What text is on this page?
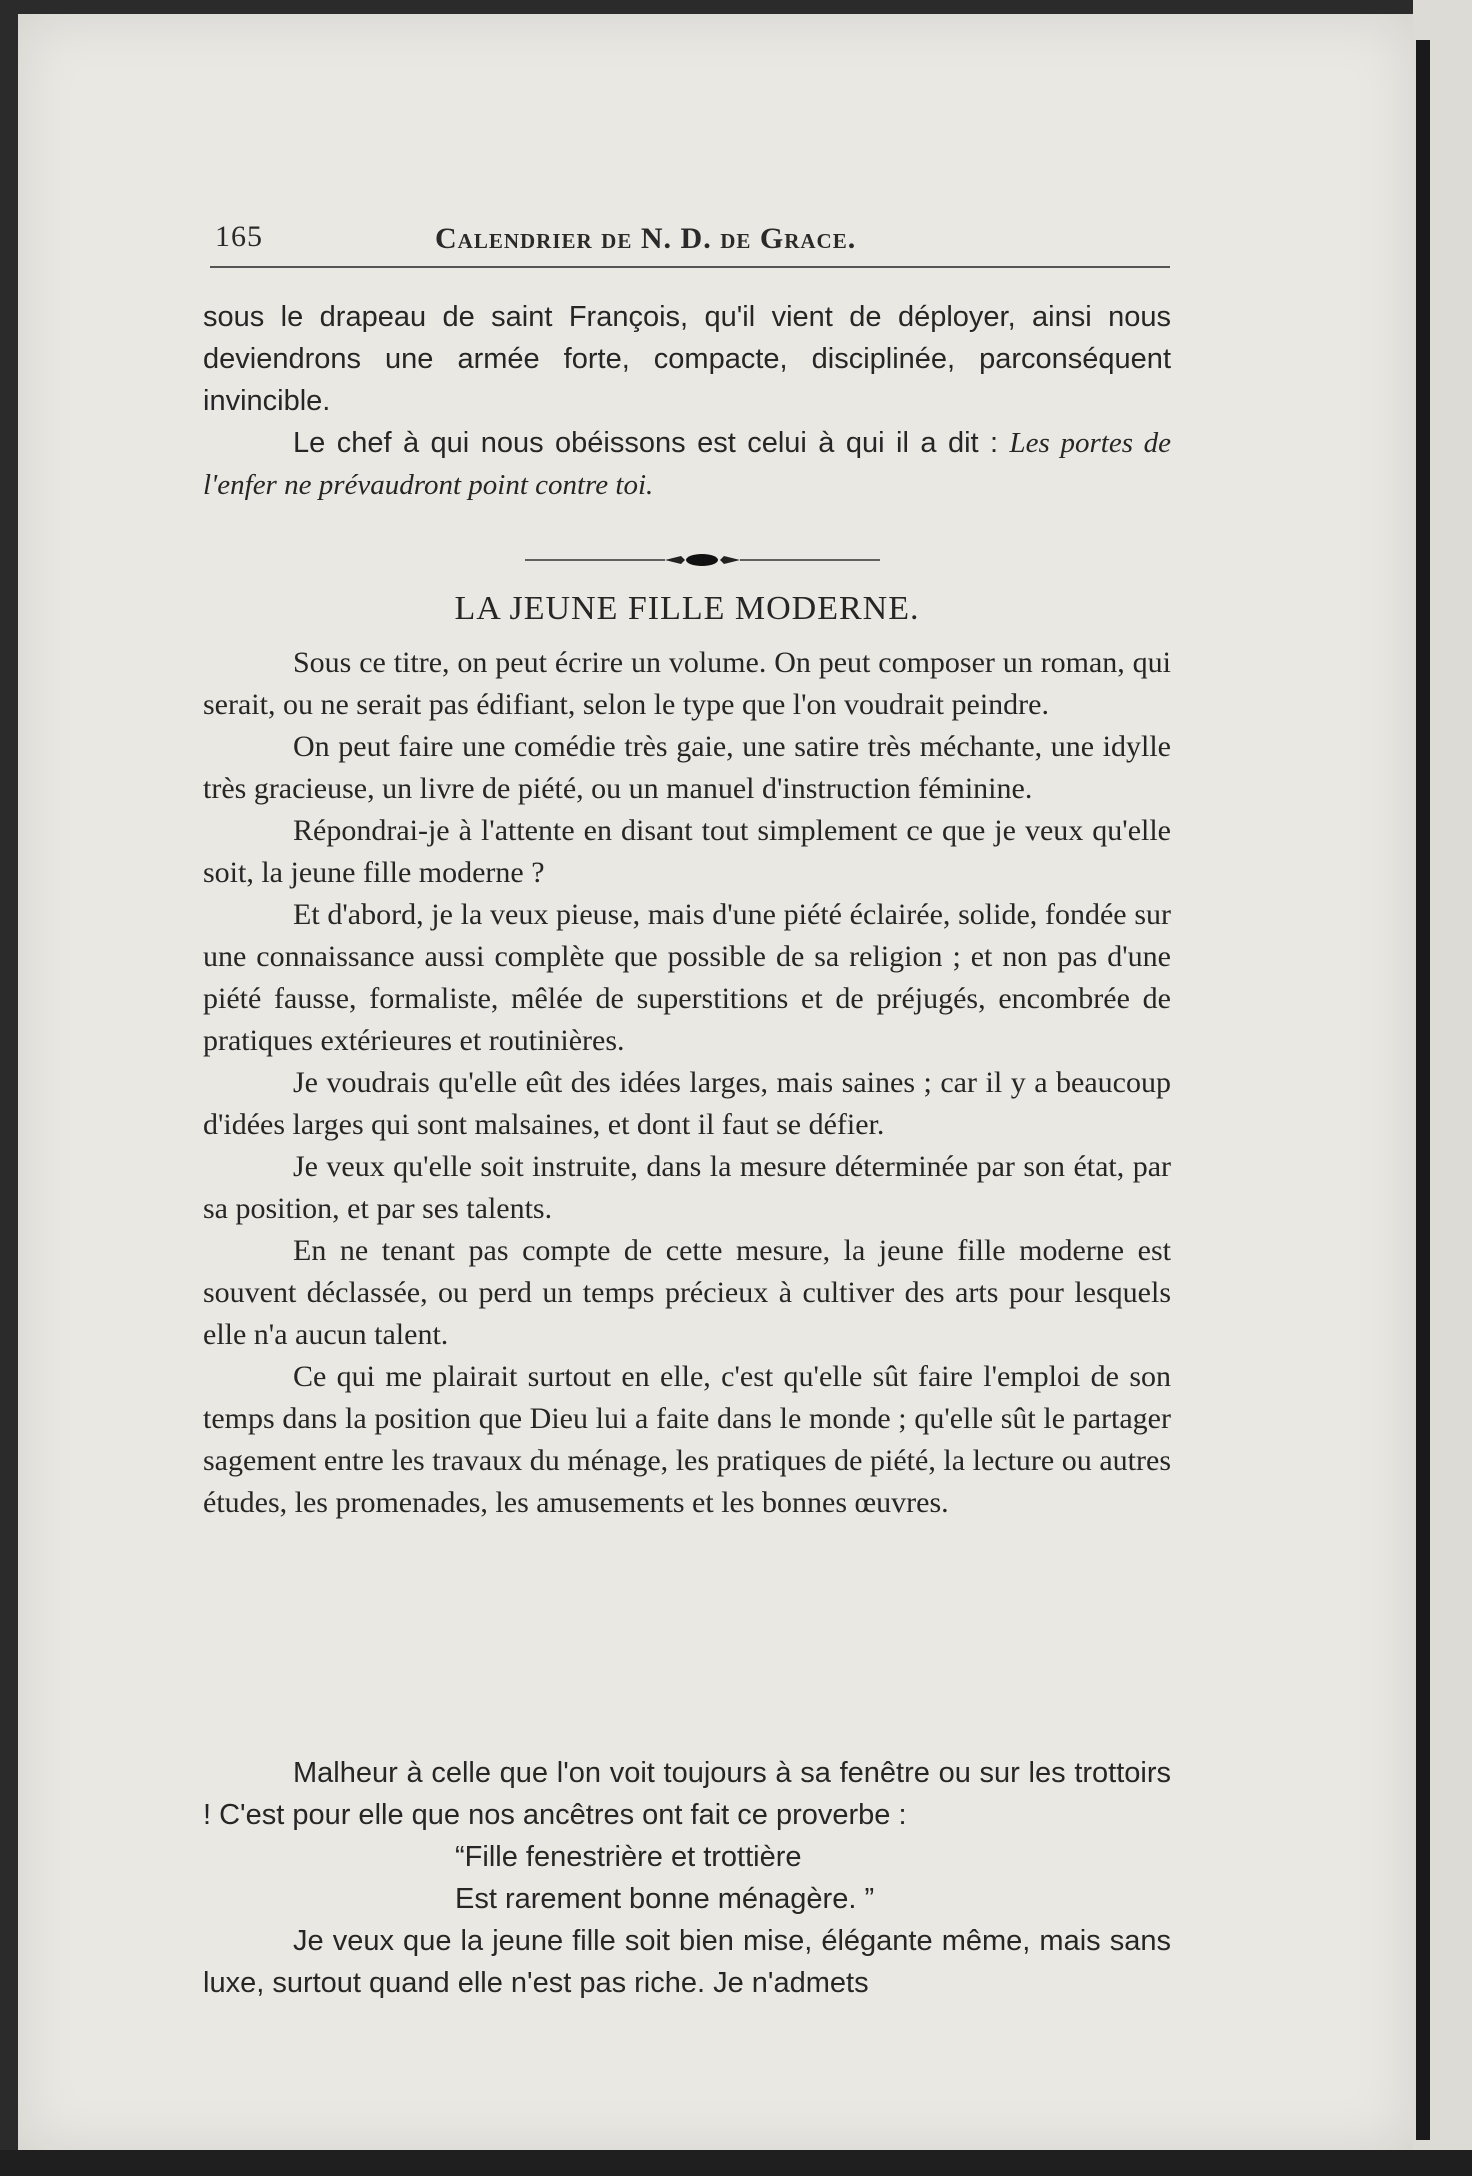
165	Calendrier de N. D. de Grace.

sous le drapeau de saint François, qu'il vient de déployer, ainsi nous deviendrons une armée forte, compacte, disciplinée, parconséquent invincible.

Le chef à qui nous obéissons est celui à qui il a dit : Les portes de l'enfer ne prévaudront point contre toi.

LA JEUNE FILLE MODERNE.

Sous ce titre, on peut écrire un volume. On peut composer un roman, qui serait, ou ne serait pas édifiant, selon le type que l'on voudrait peindre.

On peut faire une comédie très gaie, une satire très méchante, une idylle très gracieuse, un livre de piété, ou un manuel d'instruction féminine.

Répondrai-je à l'attente en disant tout simplement ce que je veux qu'elle soit, la jeune fille moderne ?

Et d'abord, je la veux pieuse, mais d'une piété éclairée, solide, fondée sur une connaissance aussi complète que possible de sa religion ; et non pas d'une piété fausse, formaliste, mêlée de superstitions et de préjugés, encombrée de pratiques extérieures et routinières.

Je voudrais qu'elle eût des idées larges, mais saines ; car il y a beaucoup d'idées larges qui sont malsaines, et dont il faut se défier.

Je veux qu'elle soit instruite, dans la mesure déterminée par son état, par sa position, et par ses talents.

En ne tenant pas compte de cette mesure, la jeune fille moderne est souvent déclassée, ou perd un temps précieux à cultiver des arts pour lesquels elle n'a aucun talent.

Ce qui me plairait surtout en elle, c'est qu'elle sût faire l'emploi de son temps dans la position que Dieu lui a faite dans le monde ; qu'elle sût le partager sagement entre les travaux du ménage, les pratiques de piété, la lecture ou autres études, les promenades, les amusements et les bonnes œuvres.

Malheur à celle que l'on voit toujours à sa fenêtre ou sur les trottoirs ! C'est pour elle que nos ancêtres ont fait ce proverbe :

“Fille fenestrière et trottière
Est rarement bonne ménagère. ”

Je veux que la jeune fille soit bien mise, élégante même, mais sans luxe, surtout quand elle n'est pas riche. Je n'admets
